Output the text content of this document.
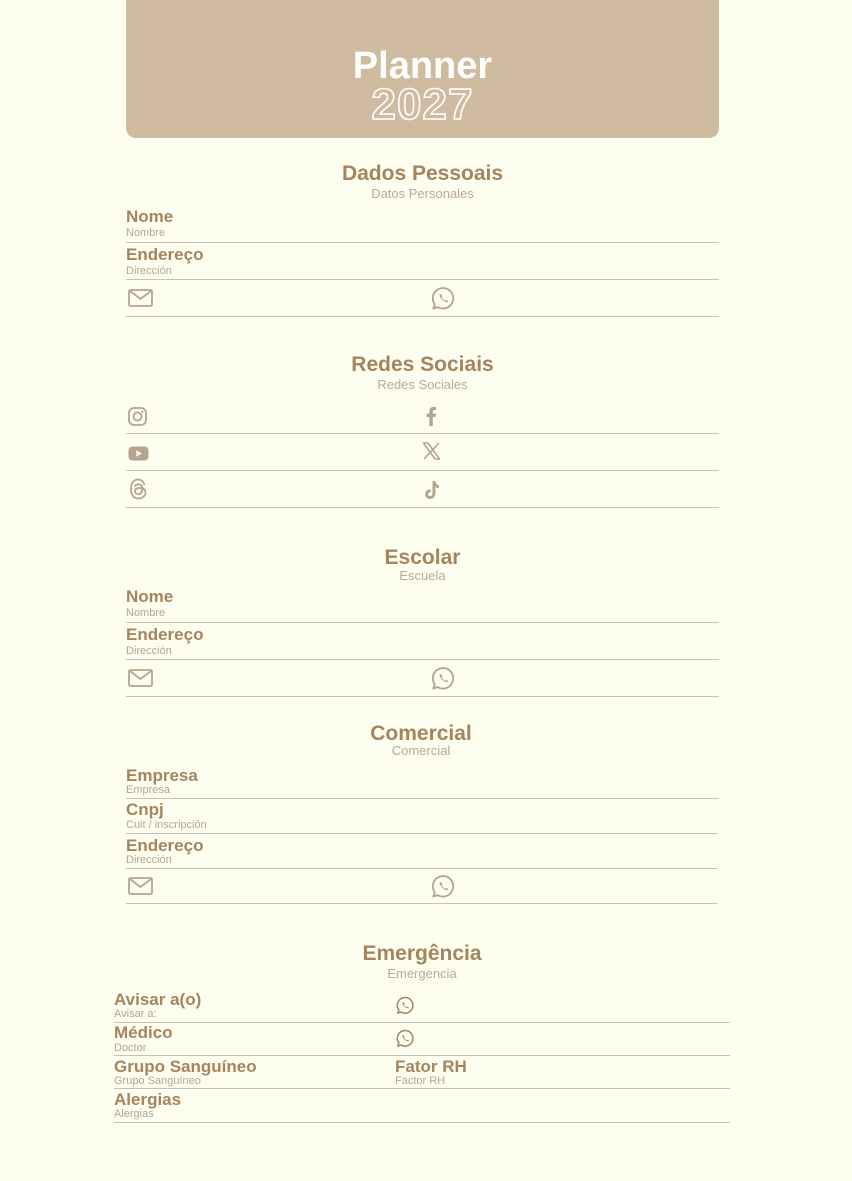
Planner
2027
Dados Pessoais
Datos Personales
Nome
Nombre
Endereço
Dirección
Redes Sociais
Redes Sociales
Escolar
Escuela
Nome
Nombre
Endereço
Dirección
Comercial
Comercial
Empresa
Empresa
Cnpj
Cuit / inscripción
Endereço
Dirección
Emergência
Emergencia
Avisar a(o)
Avisar a:
Médico
Doctor
Grupo Sanguíneo
Grupo Sanguíneo
Fator RH
Factor RH
Alergias
Alergias
